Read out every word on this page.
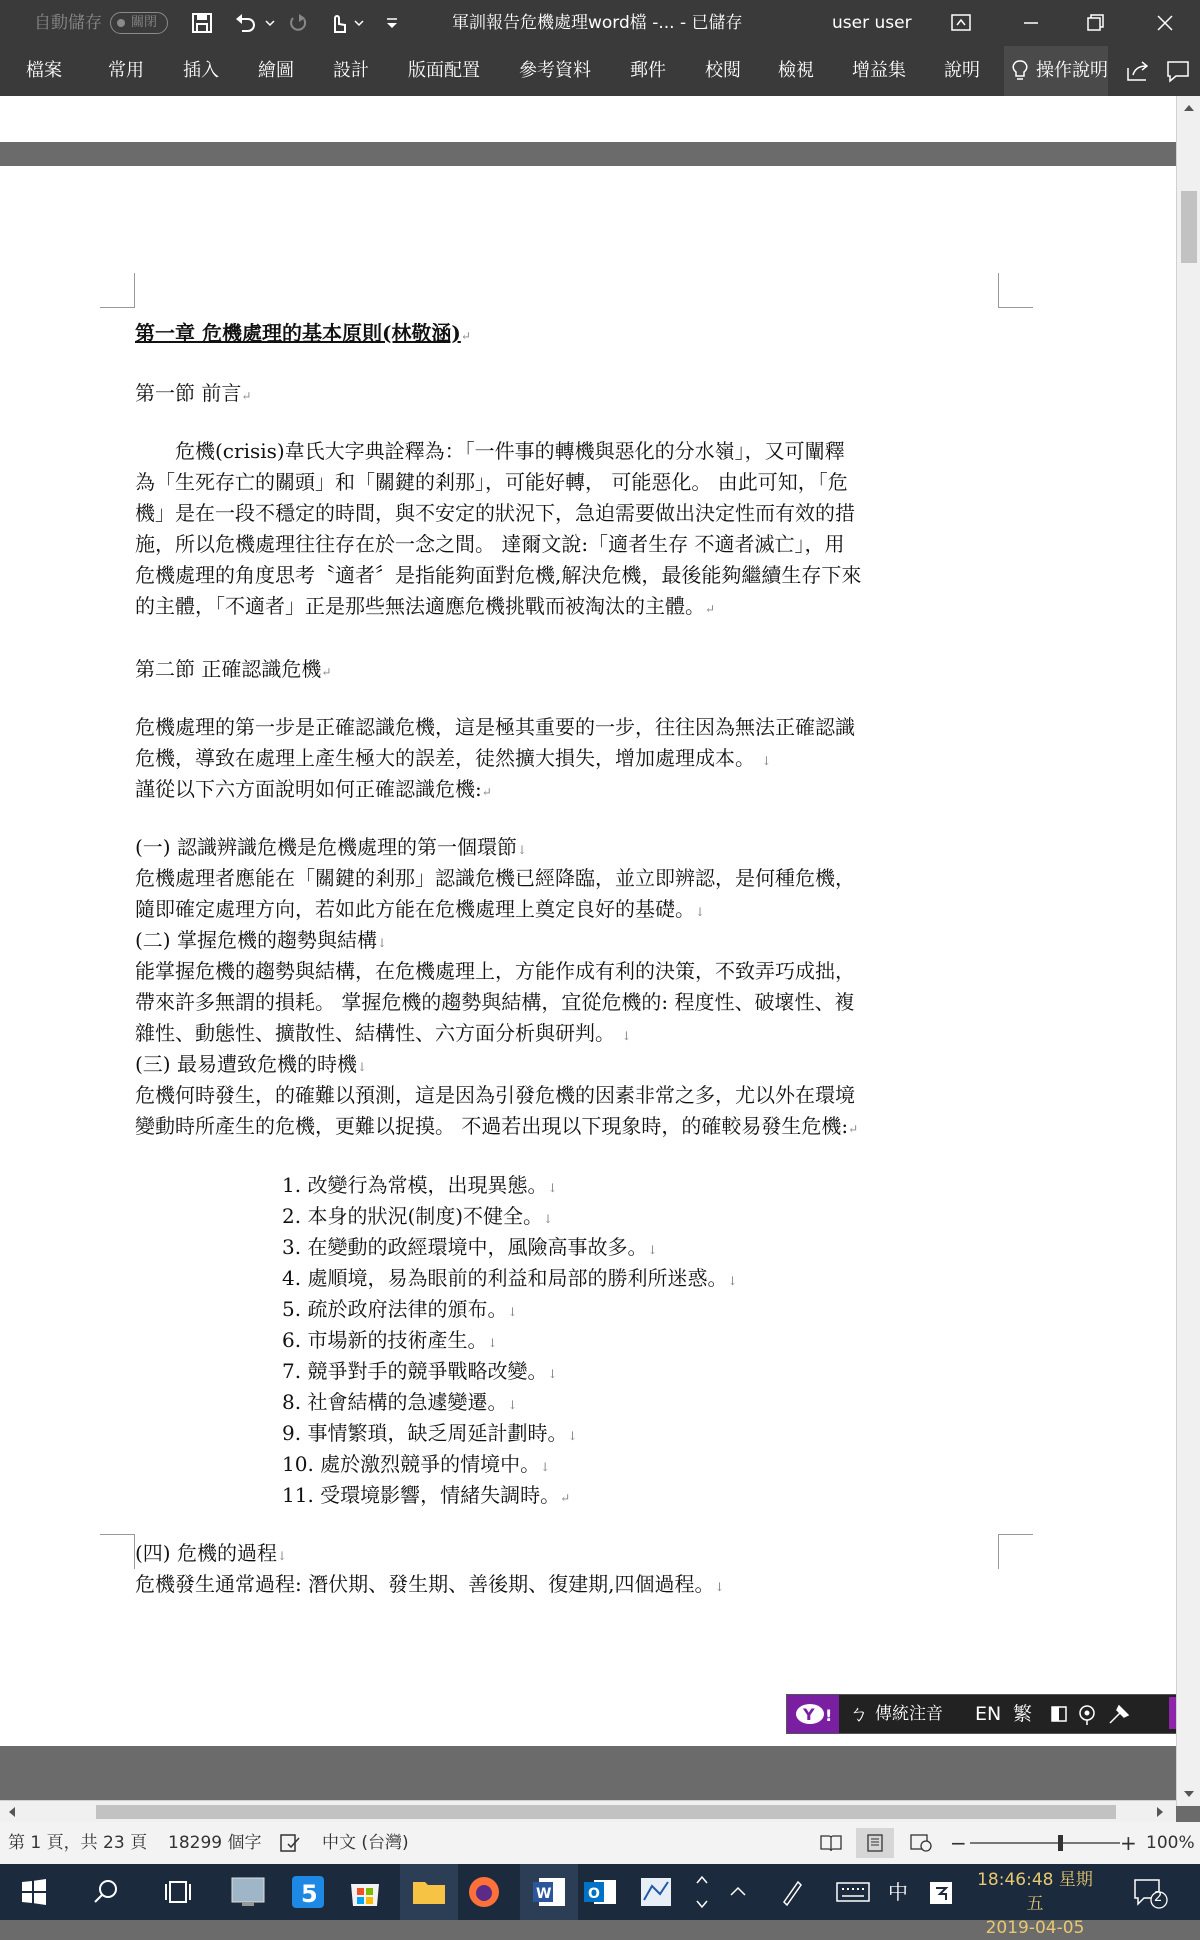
自動儲存	關閉	軍訓報告危機處理word檔 -... - 已儲存	user user
檔案	常用 插入 繪圖 設計 版面配置 參考資料 郵件 校閱 檢視 增益集 說明	操作說明
第一章 危機處理的基本原則(林敬涵)↵
第一節 前言↵
　　危機(crisis)韋氏大字典詮釋為：「一件事的轉機與惡化的分水嶺」，又可闡釋
為「生死存亡的關頭」和「關鍵的剎那」，可能好轉， 可能惡化。 由此可知，「危
機」是在一段不穩定的時間，與不安定的狀況下，急迫需要做出決定性而有效的措
施，所以危機處理往往存在於一念之間。 達爾文說:「適者生存 不適者滅亡」，用
危機處理的角度思考〝適者〞是指能夠面對危機,解決危機，最後能夠繼續生存下來
的主體，「不適者」正是那些無法適應危機挑戰而被淘汰的主體。↵
第二節 正確認識危機↵
危機處理的第一步是正確認識危機，這是極其重要的一步，往往因為無法正確認識
危機，導致在處理上產生極大的誤差，徒然擴大損失，增加處理成本。 ↓
謹從以下六方面說明如何正確認識危機:↵
(一) 認識辨識危機是危機處理的第一個環節↓
危機處理者應能在「關鍵的剎那」認識危機已經降臨，並立即辨認，是何種危機，
隨即確定處理方向，若如此方能在危機處理上奠定良好的基礎。↓
(二) 掌握危機的趨勢與結構↓
能掌握危機的趨勢與結構，在危機處理上，方能作成有利的決策，不致弄巧成拙，
帶來許多無謂的損耗。 掌握危機的趨勢與結構，宜從危機的: 程度性、破壞性、複
雜性、動態性、擴散性、結構性、六方面分析與研判。 ↓
(三) 最易遭致危機的時機↓
危機何時發生，的確難以預測，這是因為引發危機的因素非常之多，尤以外在環境
變動時所產生的危機，更難以捉摸。 不過若出現以下現象時，的確較易發生危機:↵
1. 改變行為常模，出現異態。↓
2. 本身的狀況(制度)不健全。↓
3. 在變動的政經環境中，風險高事故多。↓
4. 處順境，易為眼前的利益和局部的勝利所迷惑。↓
5. 疏於政府法律的頒布。↓
6. 市場新的技術產生。↓
7. 競爭對手的競爭戰略改變。↓
8. 社會結構的急遽變遷。↓
9. 事情繁瑣，缺乏周延計劃時。↓
10. 處於激烈競爭的情境中。↓
11. 受環境影響，情緒失調時。↵
(四) 危機的過程↓
危機發生通常過程: 潛伏期、發生期、善後期、復建期,四個過程。↓
Y ! ㄅ 傳統注音 EN 繁
第 1 頁，共 23 頁 18299 個字	中文 (台灣)	−	+ 100%
5	W	O	中	18:46:48 星期五
2019-04-05
2
